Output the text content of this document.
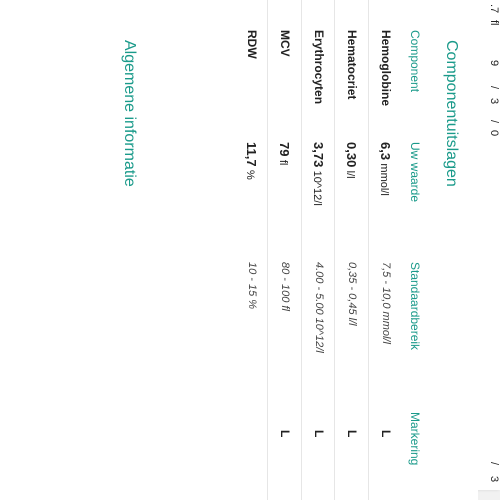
.7
fl
9
/
3
/
0
/
3
Componentuitslagen
Component
Uw waarde
Standaardbereik
Markering
Hemoglobine
6,3 mmol/l
7,5 - 10,0 mmol/l
L
Hematocriet
0,30 l/l
0,35 - 0,45 l/l
L
Erythrocyten
3,73 10^12/l
4.00 - 5.00 10^12/l
L
MCV
79 fl
80 - 100 fl
L
RDW
11,7 %
10 - 15 %
Algemene informatie
